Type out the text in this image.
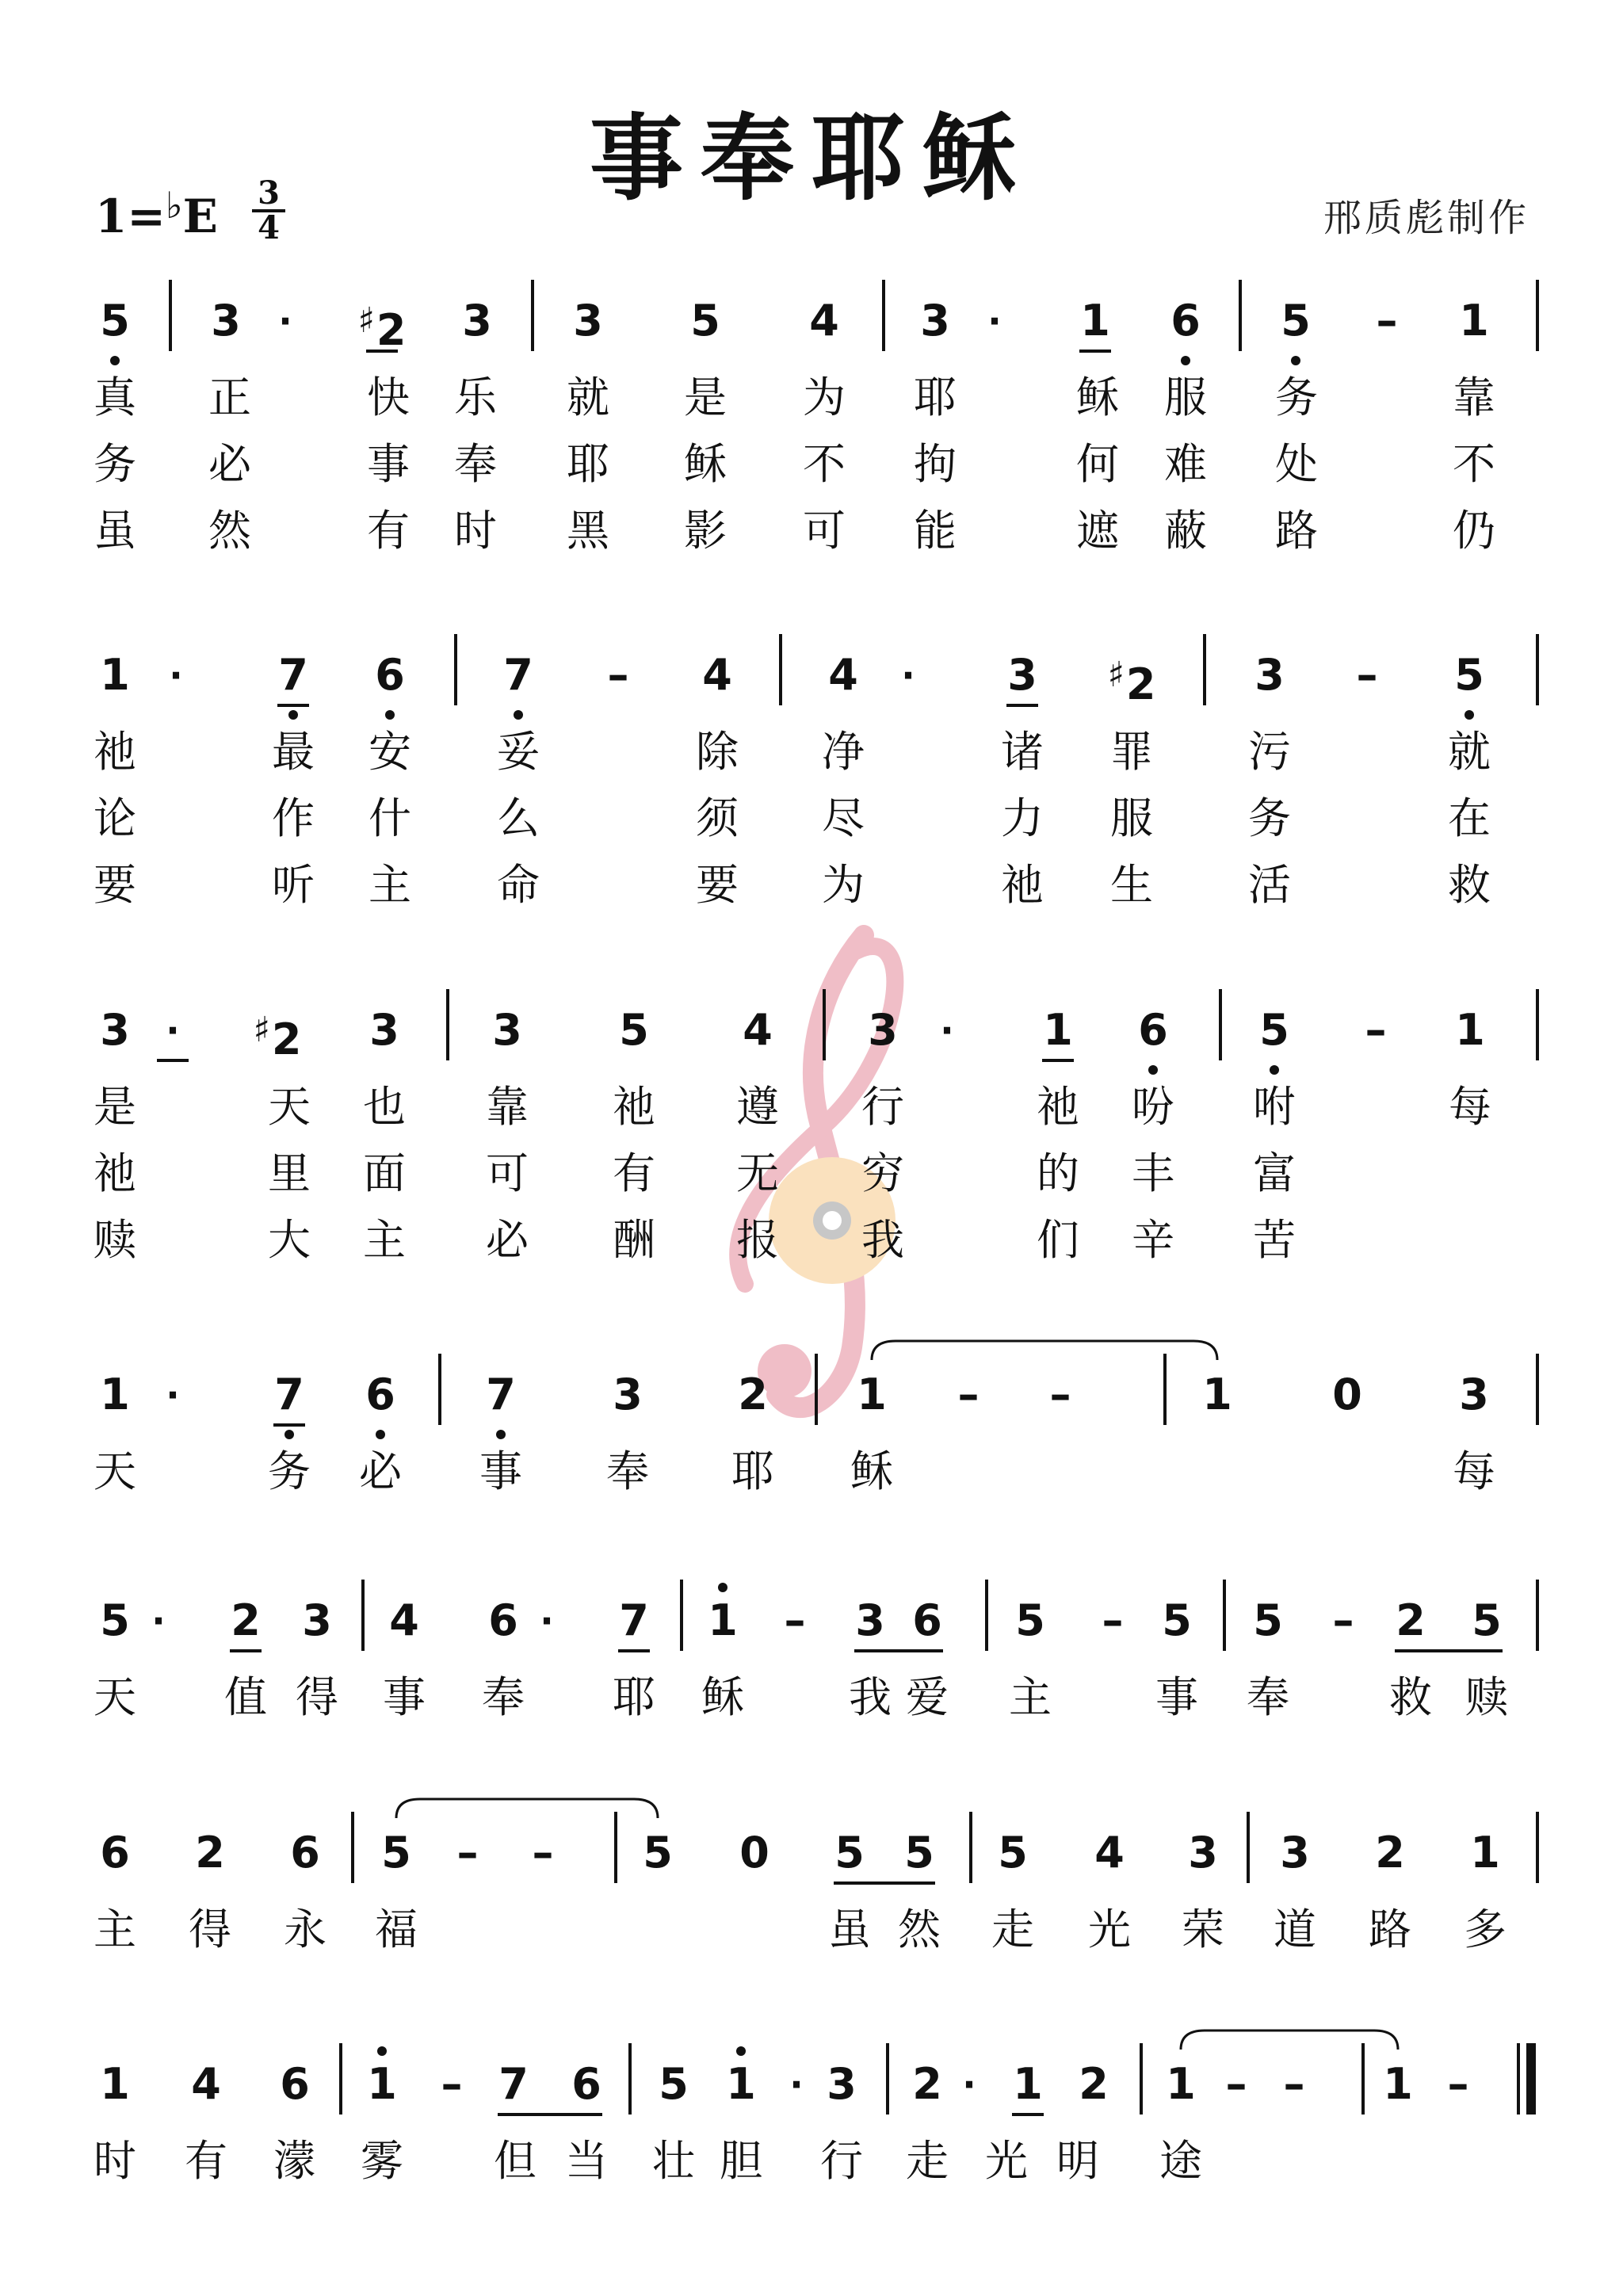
事奉耶稣
1=♭E 3
4	邢质彪制作
5 3 · ♯2 3 3 5 4 3 · 1 6 5 – 1
真 正	快 乐 就 是 为 耶	稣 服 务	靠
务 必	事 奉 耶 稣 不 拘	何 难 处	不
虽 然	有 时 黑 影 可 能	遮 蔽 路	仍
1 · 7 6 7 – 4 4 · 3 ♯2 3 – 5
祂	最 安 妥	除 净	诸 罪 污	就
论	作 什 么	须 尽	力 服 务	在
要	听 主 命	要 为	祂 生 活	救
3 · ♯2 3 3 5 4 3 · 1 6 5 – 1
是	天 也 靠 祂 遵 行	祂 吩 咐	每
祂	里 面 可 有 无 穷	的 丰 富
赎	大 主 必 酬 报 我	们 辛 苦
1 · 7 6 7 3 2 1 – –	1 0 3
天	务 必 事 奉 耶 稣	每
5 · 2 3 4 6 · 7 1 – 3 6 5 – 5 5 – 2 5
天 值 得 事 奉 耶 稣 我 爱 主 事 奉 救 赎
6 2 6 5 – – 5 0 5 5 5 4 3 3 2 1
主 得 永 福	虽 然 走 光 荣 道 路 多
1 4 6 1 – 7 6 5 1 · 3 2 · 1 2 1 – – 1 –
时 有 濛 雾 但 当 壮 胆 行 走 光 明 途
